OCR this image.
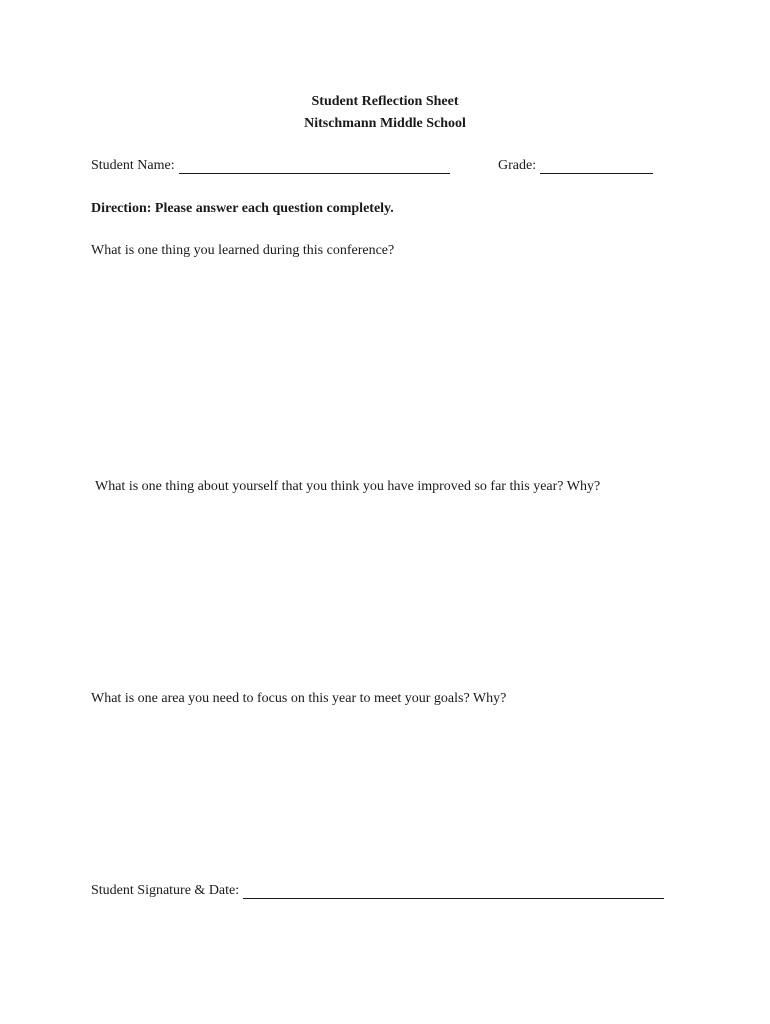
Student Reflection Sheet
Nitschmann Middle School
Student Name:	Grade:
Direction: Please answer each question completely.
What is one thing you learned during this conference?
What is one thing about yourself that you think you have improved so far this year? Why?
What is one area you need to focus on this year to meet your goals? Why?
Student Signature & Date:
